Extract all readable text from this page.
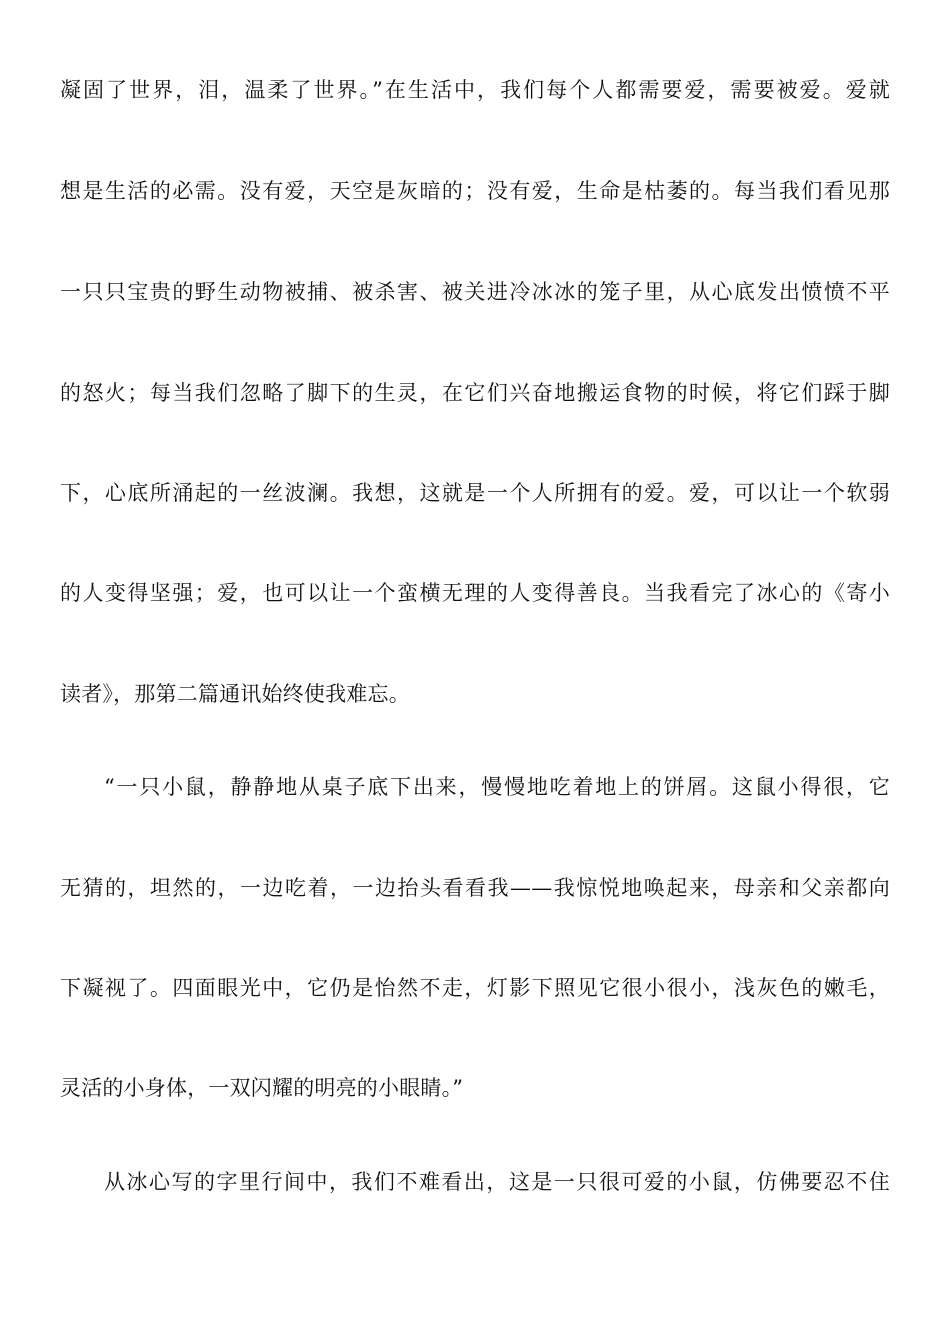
凝固了世界，泪，温柔了世界。”在生活中，我们每个人都需要爱，需要被爱。爱就
想是生活的必需。没有爱，天空是灰暗的；没有爱，生命是枯萎的。每当我们看见那
一只只宝贵的野生动物被捕、被杀害、被关进冷冰冰的笼子里，从心底发出愤愤不平
的怒火；每当我们忽略了脚下的生灵，在它们兴奋地搬运食物的时候，将它们踩于脚
下，心底所涌起的一丝波澜。我想，这就是一个人所拥有的爱。爱，可以让一个软弱
的人变得坚强；爱，也可以让一个蛮横无理的人变得善良。当我看完了冰心的《寄小
读者》，那第二篇通讯始终使我难忘。
“一只小鼠，静静地从桌子底下出来，慢慢地吃着地上的饼屑。这鼠小得很，它
无猜的，坦然的，一边吃着，一边抬头看看我——我惊悦地唤起来，母亲和父亲都向
下凝视了。四面眼光中，它仍是怡然不走，灯影下照见它很小很小，浅灰色的嫩毛，
灵活的小身体，一双闪耀的明亮的小眼睛。”
从冰心写的字里行间中，我们不难看出，这是一只很可爱的小鼠，仿佛要忍不住
